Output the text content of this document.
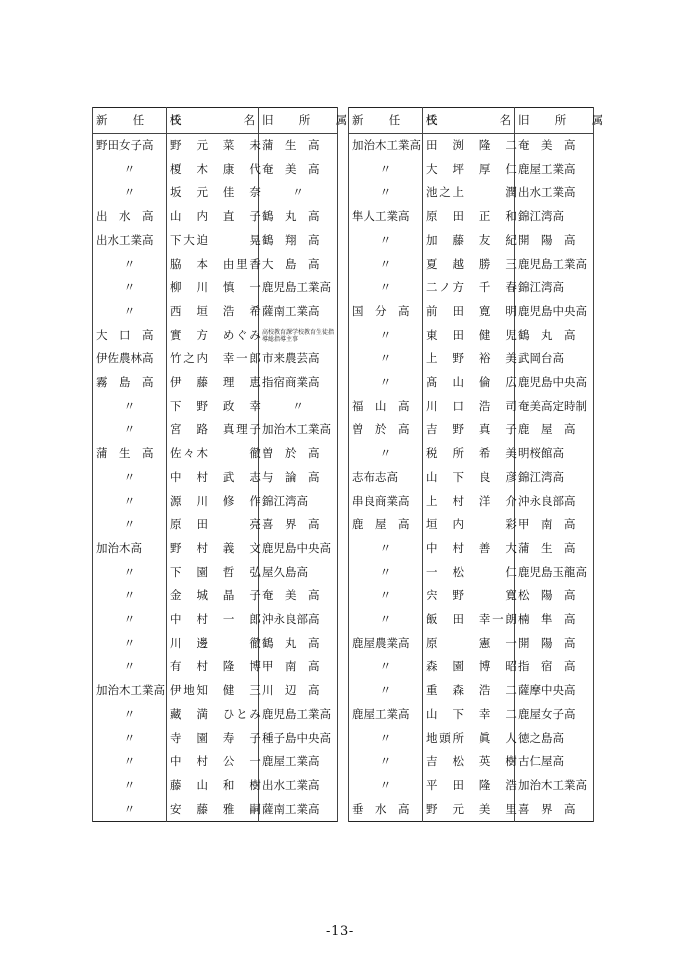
新　任　校	氏　　　名	旧　所　属
野田女子高	野　元　菜　未	蒲　生　高
〃	榎　木　康　代	奄　美　高
〃	坂　元　佳　奈	〃
出　水　高	山　内　直　子	鶴　丸　高
出水工業高	下大迫　　　晃	鶴　翔　高
〃	脇　本　由里香	大　島　高
〃	柳　川　慎　一	鹿児島工業高
〃	西　垣　浩　希	薩南工業高
大　口　高	實　方　めぐみ	高校教育課学校教育生徒指導総指導主事
伊佐農林高	竹之内　幸一郎	市来農芸高
霧　島　高	伊　藤　理　恵	指宿商業高
〃	下　野　政　幸	〃
〃	宮　路　真理子	加治木工業高
蒲　生　高	佐々木　　　徹	曽　於　高
〃	中　村　武　志	与　論　高
〃	源　川　修　作	錦江湾高
〃	原　田　　　亮	喜　界　高
加治木高	野　村　義　文	鹿児島中央高
〃	下　園　哲　弘	屋久島高
〃	金　城　晶　子	奄　美　高
〃	中　村　一　郎	沖永良部高
〃	川　邊　　　徹	鶴　丸　高
〃	有　村　隆　博	甲　南　高
加治木工業高	伊地知　健　三	川　辺　高
〃	藏　満　ひとみ	鹿児島工業高
〃	寺　園　寿　子	種子島中央高
〃	中　村　公　一	鹿屋工業高
〃	藤　山　和　樹	出水工業高
〃	安　藤　雅　嗣	薩南工業高
新　任　校	氏　　　名	旧　所　属
加治木工業高	田　渕　隆　二	奄　美　高
〃	大　坪　厚　仁	鹿屋工業高
〃	池之上　　　潤	出水工業高
隼人工業高	原　田　正　和	錦江湾高
〃	加　藤　友　紀	開　陽　高
〃	夏　越　勝　三	鹿児島工業高
〃	二ノ方　千　春	錦江湾高
国　分　高	前　田　寛　明	鹿児島中央高
〃	東　田　健　児	鶴　丸　高
〃	上　野　裕　美	武岡台高
〃	髙　山　倫　広	鹿児島中央高
福　山　高	川　口　浩　司	奄美高定時制
曽　於　高	吉　野　真　子	鹿　屋　高
〃	税　所　希　美	明桜館高
志布志高	山　下　良　彦	錦江湾高
串良商業高	上　村　洋　介	沖永良部高
鹿　屋　高	垣　内　　　彩	甲　南　高
〃	中　村　善　大	蒲　生　高
〃	一　松　　　仁	鹿児島玉龍高
〃	宍　野　　　寛	松　陽　高
〃	飯　田　幸一朗	楠　隼　高
鹿屋農業高	原　　　憲　一	開　陽　高
〃	森　園　博　昭	指　宿　高
〃	重　森　浩　二	薩摩中央高
鹿屋工業高	山　下　幸　二	鹿屋女子高
〃	地頭所　眞　人	徳之島高
〃	吉　松　英　樹	古仁屋高
〃	平　田　隆　浩	加治木工業高
垂　水　高	野　元　美　里	喜　界　高
-13-
